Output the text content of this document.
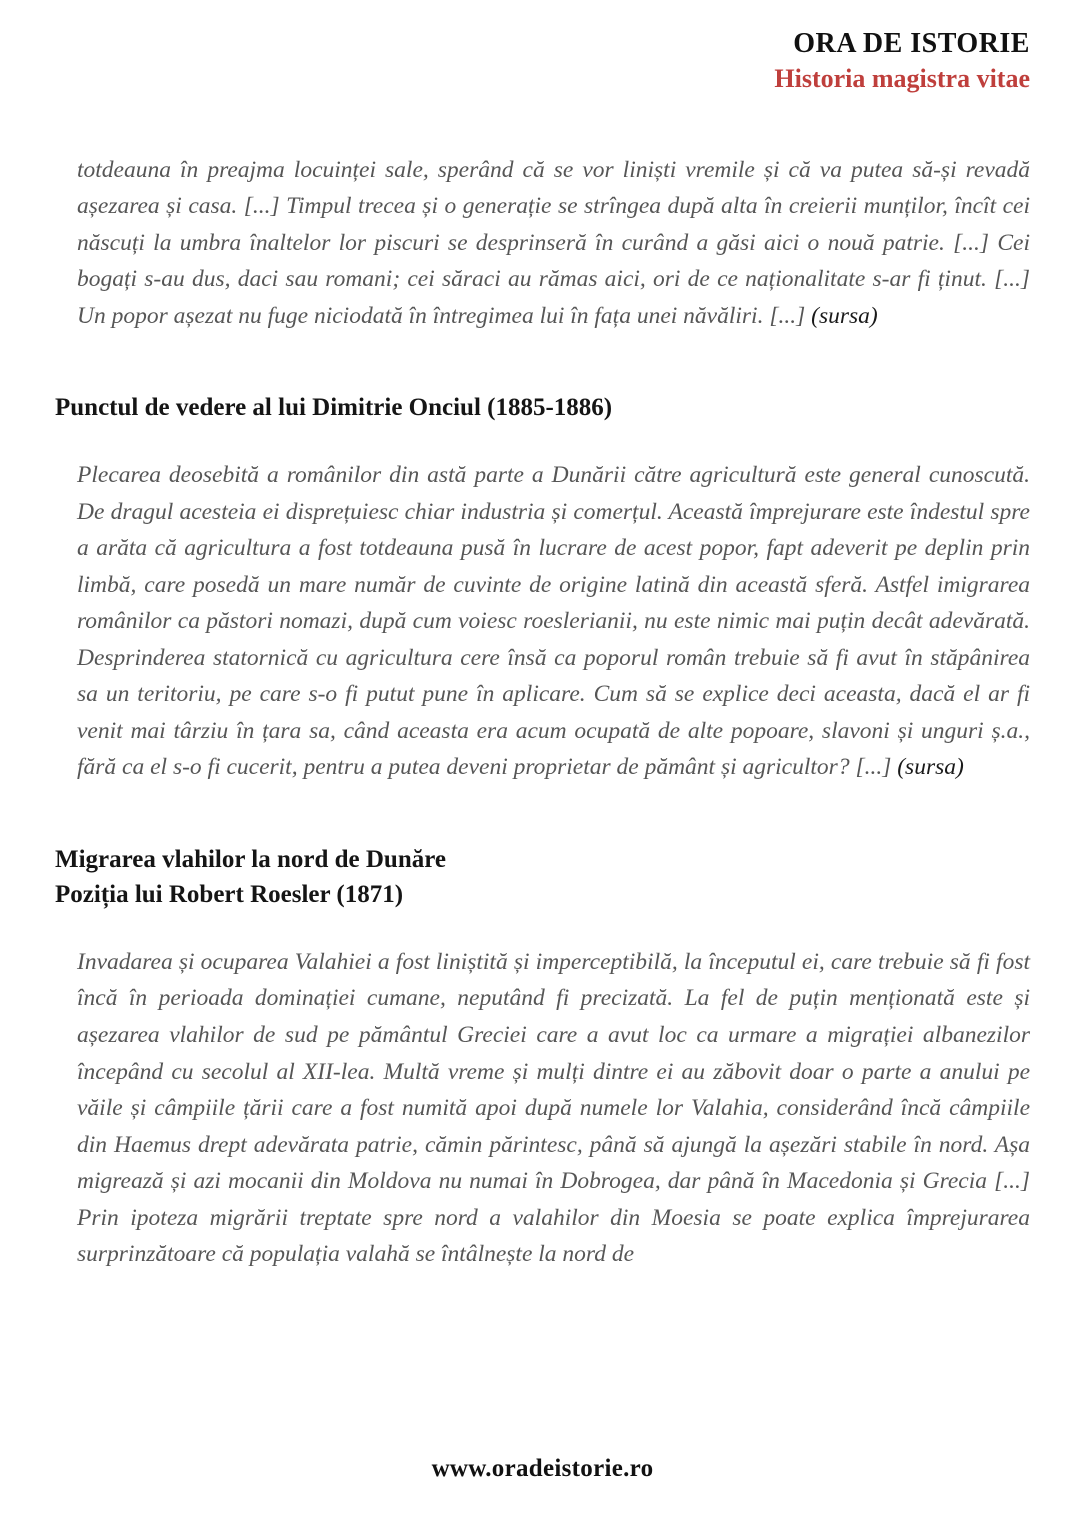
ORA DE ISTORIE
Historia magistra vitae

totdeauna în preajma locuinței sale, sperând că se vor liniști vremile și că va putea să-și revadă așezarea și casa. [...] Timpul trecea și o generație se strîngea după alta în creierii munților, încît cei născuți la umbra înaltelor lor piscuri se desprinseră în curând a găsi aici o nouă patrie. [...] Cei bogați s-au dus, daci sau romani; cei săraci au rămas aici, ori de ce naționalitate s-ar fi ținut. [...] Un popor așezat nu fuge niciodată în întregimea lui în fața unei năvăliri. [...] (sursa)

Punctul de vedere al lui Dimitrie Onciul (1885-1886)

Plecarea deosebită a românilor din astă parte a Dunării către agricultură este general cunoscută. De dragul acesteia ei disprețuiesc chiar industria și comerțul. Această împrejurare este îndestul spre a arăta că agricultura a fost totdeauna pusă în lucrare de acest popor, fapt adeverit pe deplin prin limbă, care posedă un mare număr de cuvinte de origine latină din această sferă. Astfel imigrarea românilor ca păstori nomazi, după cum voiesc roeslerianii, nu este nimic mai puțin decât adevărată. Desprinderea statornică cu agricultura cere însă ca poporul român trebuie să fi avut în stăpânirea sa un teritoriu, pe care s-o fi putut pune în aplicare. Cum să se explice deci aceasta, dacă el ar fi venit mai târziu în țara sa, când aceasta era acum ocupată de alte popoare, slavoni și unguri ș.a., fără ca el s-o fi cucerit, pentru a putea deveni proprietar de pământ și agricultor? [...] (sursa)

Migrarea vlahilor la nord de Dunăre
Poziția lui Robert Roesler (1871)

Invadarea și ocuparea Valahiei a fost liniștită și imperceptibilă, la începutul ei, care trebuie să fi fost încă în perioada dominației cumane, neputând fi precizată. La fel de puțin menționată este și așezarea vlahilor de sud pe pământul Greciei care a avut loc ca urmare a migrației albanezilor începând cu secolul al XII-lea. Multă vreme și mulți dintre ei au zăbovit doar o parte a anului pe văile și câmpiile țării care a fost numită apoi după numele lor Valahia, considerând încă câmpiile din Haemus drept adevărata patrie, cămin părintesc, până să ajungă la așezări stabile în nord. Așa migrează și azi mocanii din Moldova nu numai în Dobrogea, dar până în Macedonia și Grecia [...] Prin ipoteza migrării treptate spre nord a valahilor din Moesia se poate explica împrejurarea surprinzătoare că populația valahă se întâlnește la nord de

www.oradeistorie.ro
